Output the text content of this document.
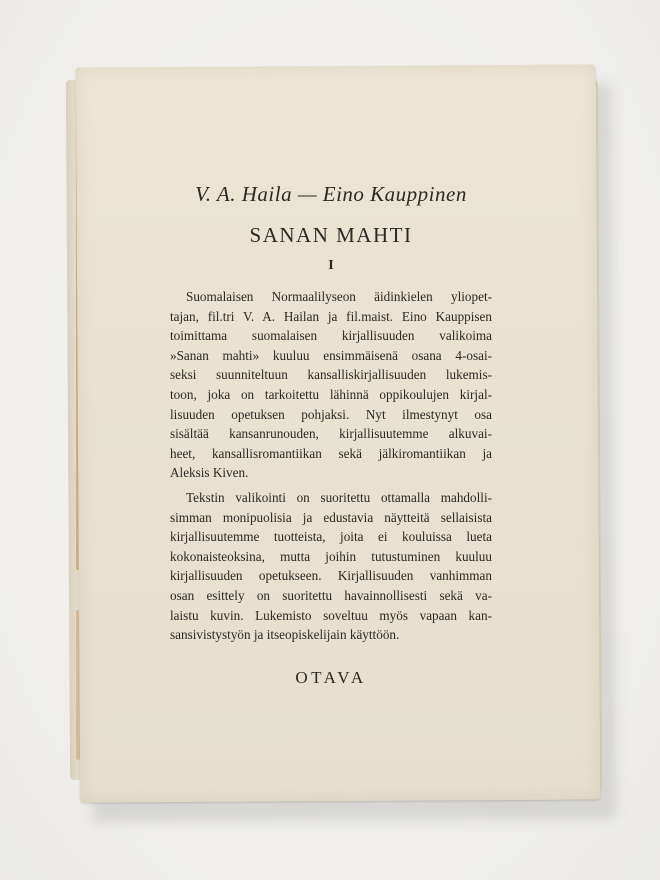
V. A. Haila — Eino Kauppinen

SANAN MAHTI

I

Suomalaisen Normaalilyseon äidinkielen yliopet-
tajan, fil.tri V. A. Hailan ja fil.maist. Eino Kauppisen
toimittama suomalaisen kirjallisuuden valikoima
»Sanan mahti» kuuluu ensimmäisenä osana 4-osai-
seksi suunniteltuun kansalliskirjallisuuden lukemis-
toon, joka on tarkoitettu lähinnä oppikoulujen kirjal-
lisuuden opetuksen pohjaksi. Nyt ilmestynyt osa
sisältää kansanrunouden, kirjallisuutemme alkuvai-
heet, kansallisromantiikan sekä jälkiromantiikan ja
Aleksis Kiven.

Tekstin valikointi on suoritettu ottamalla mahdolli-
simman monipuolisia ja edustavia näytteitä sellaisista
kirjallisuutemme tuotteista, joita ei kouluissa lueta
kokonaisteoksina, mutta joihin tutustuminen kuuluu
kirjallisuuden opetukseen. Kirjallisuuden vanhimman
osan esittely on suoritettu havainnollisesti sekä va-
laistu kuvin. Lukemisto soveltuu myös vapaan kan-
sansivistystyön ja itseopiskelijain käyttöön.

OTAVA
